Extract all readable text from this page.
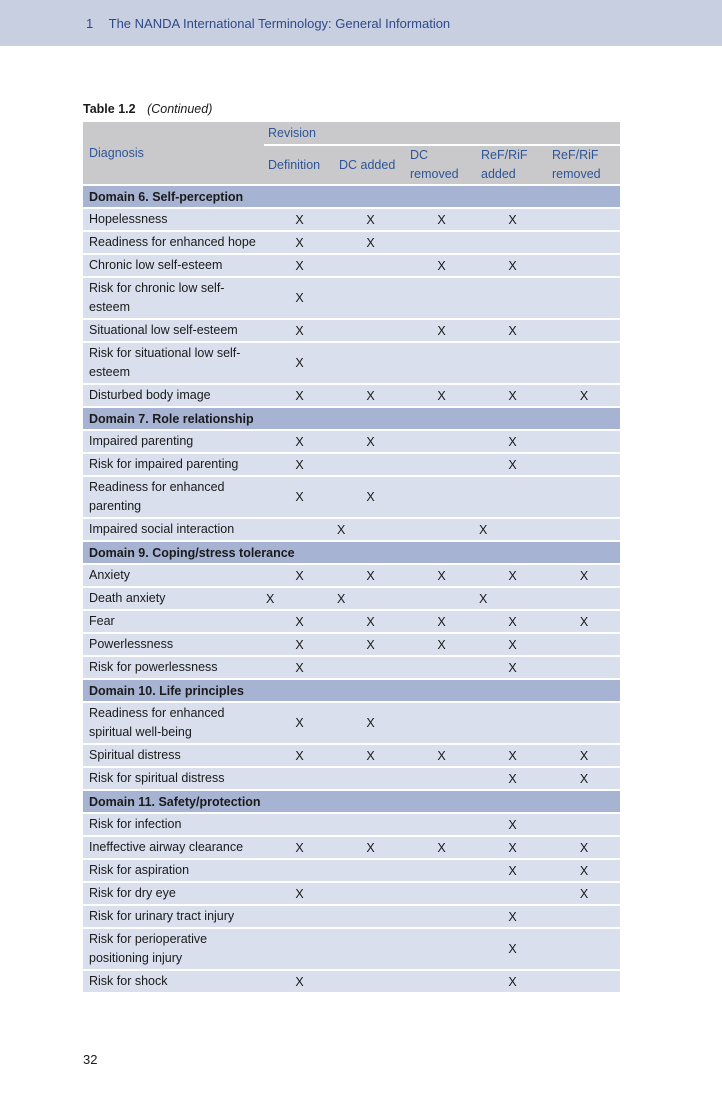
1 The NANDA International Terminology: General Information
Table 1.2 (Continued)
Diagnosis	Revision				
	Definition	DC added	DC removed	ReF/RiF added	ReF/RiF removed
Domain 6. Self-perception					
Hopelessness	X	X	X	X	
Readiness for enhanced hope	X	X			
Chronic low self-esteem	X		X	X	
Risk for chronic low self-esteem	X				
Situational low self-esteem	X		X	X	
Risk for situational low self-esteem	X				
Disturbed body image	X	X	X	X	X
Domain 7. Role relationship					
Impaired parenting	X	X		X	
Risk for impaired parenting	X			X	
Readiness for enhanced parenting	X	X			
Impaired social interaction		X		X	
Domain 9. Coping/stress tolerance					
Anxiety	X	X	X	X	X
Death anxiety	X	X		X	
Fear	X	X	X	X	X
Powerlessness	X	X	X	X	
Risk for powerlessness	X			X	
Domain 10. Life principles					
Readiness for enhanced spiritual well-being	X	X			
Spiritual distress	X	X	X	X	X
Risk for spiritual distress				X	X
Domain 11. Safety/protection					
Risk for infection				X	
Ineffective airway clearance	X	X	X	X	X
Risk for aspiration				X	X
Risk for dry eye	X				X
Risk for urinary tract injury				X	
Risk for perioperative positioning injury				X	
Risk for shock	X			X	
32
